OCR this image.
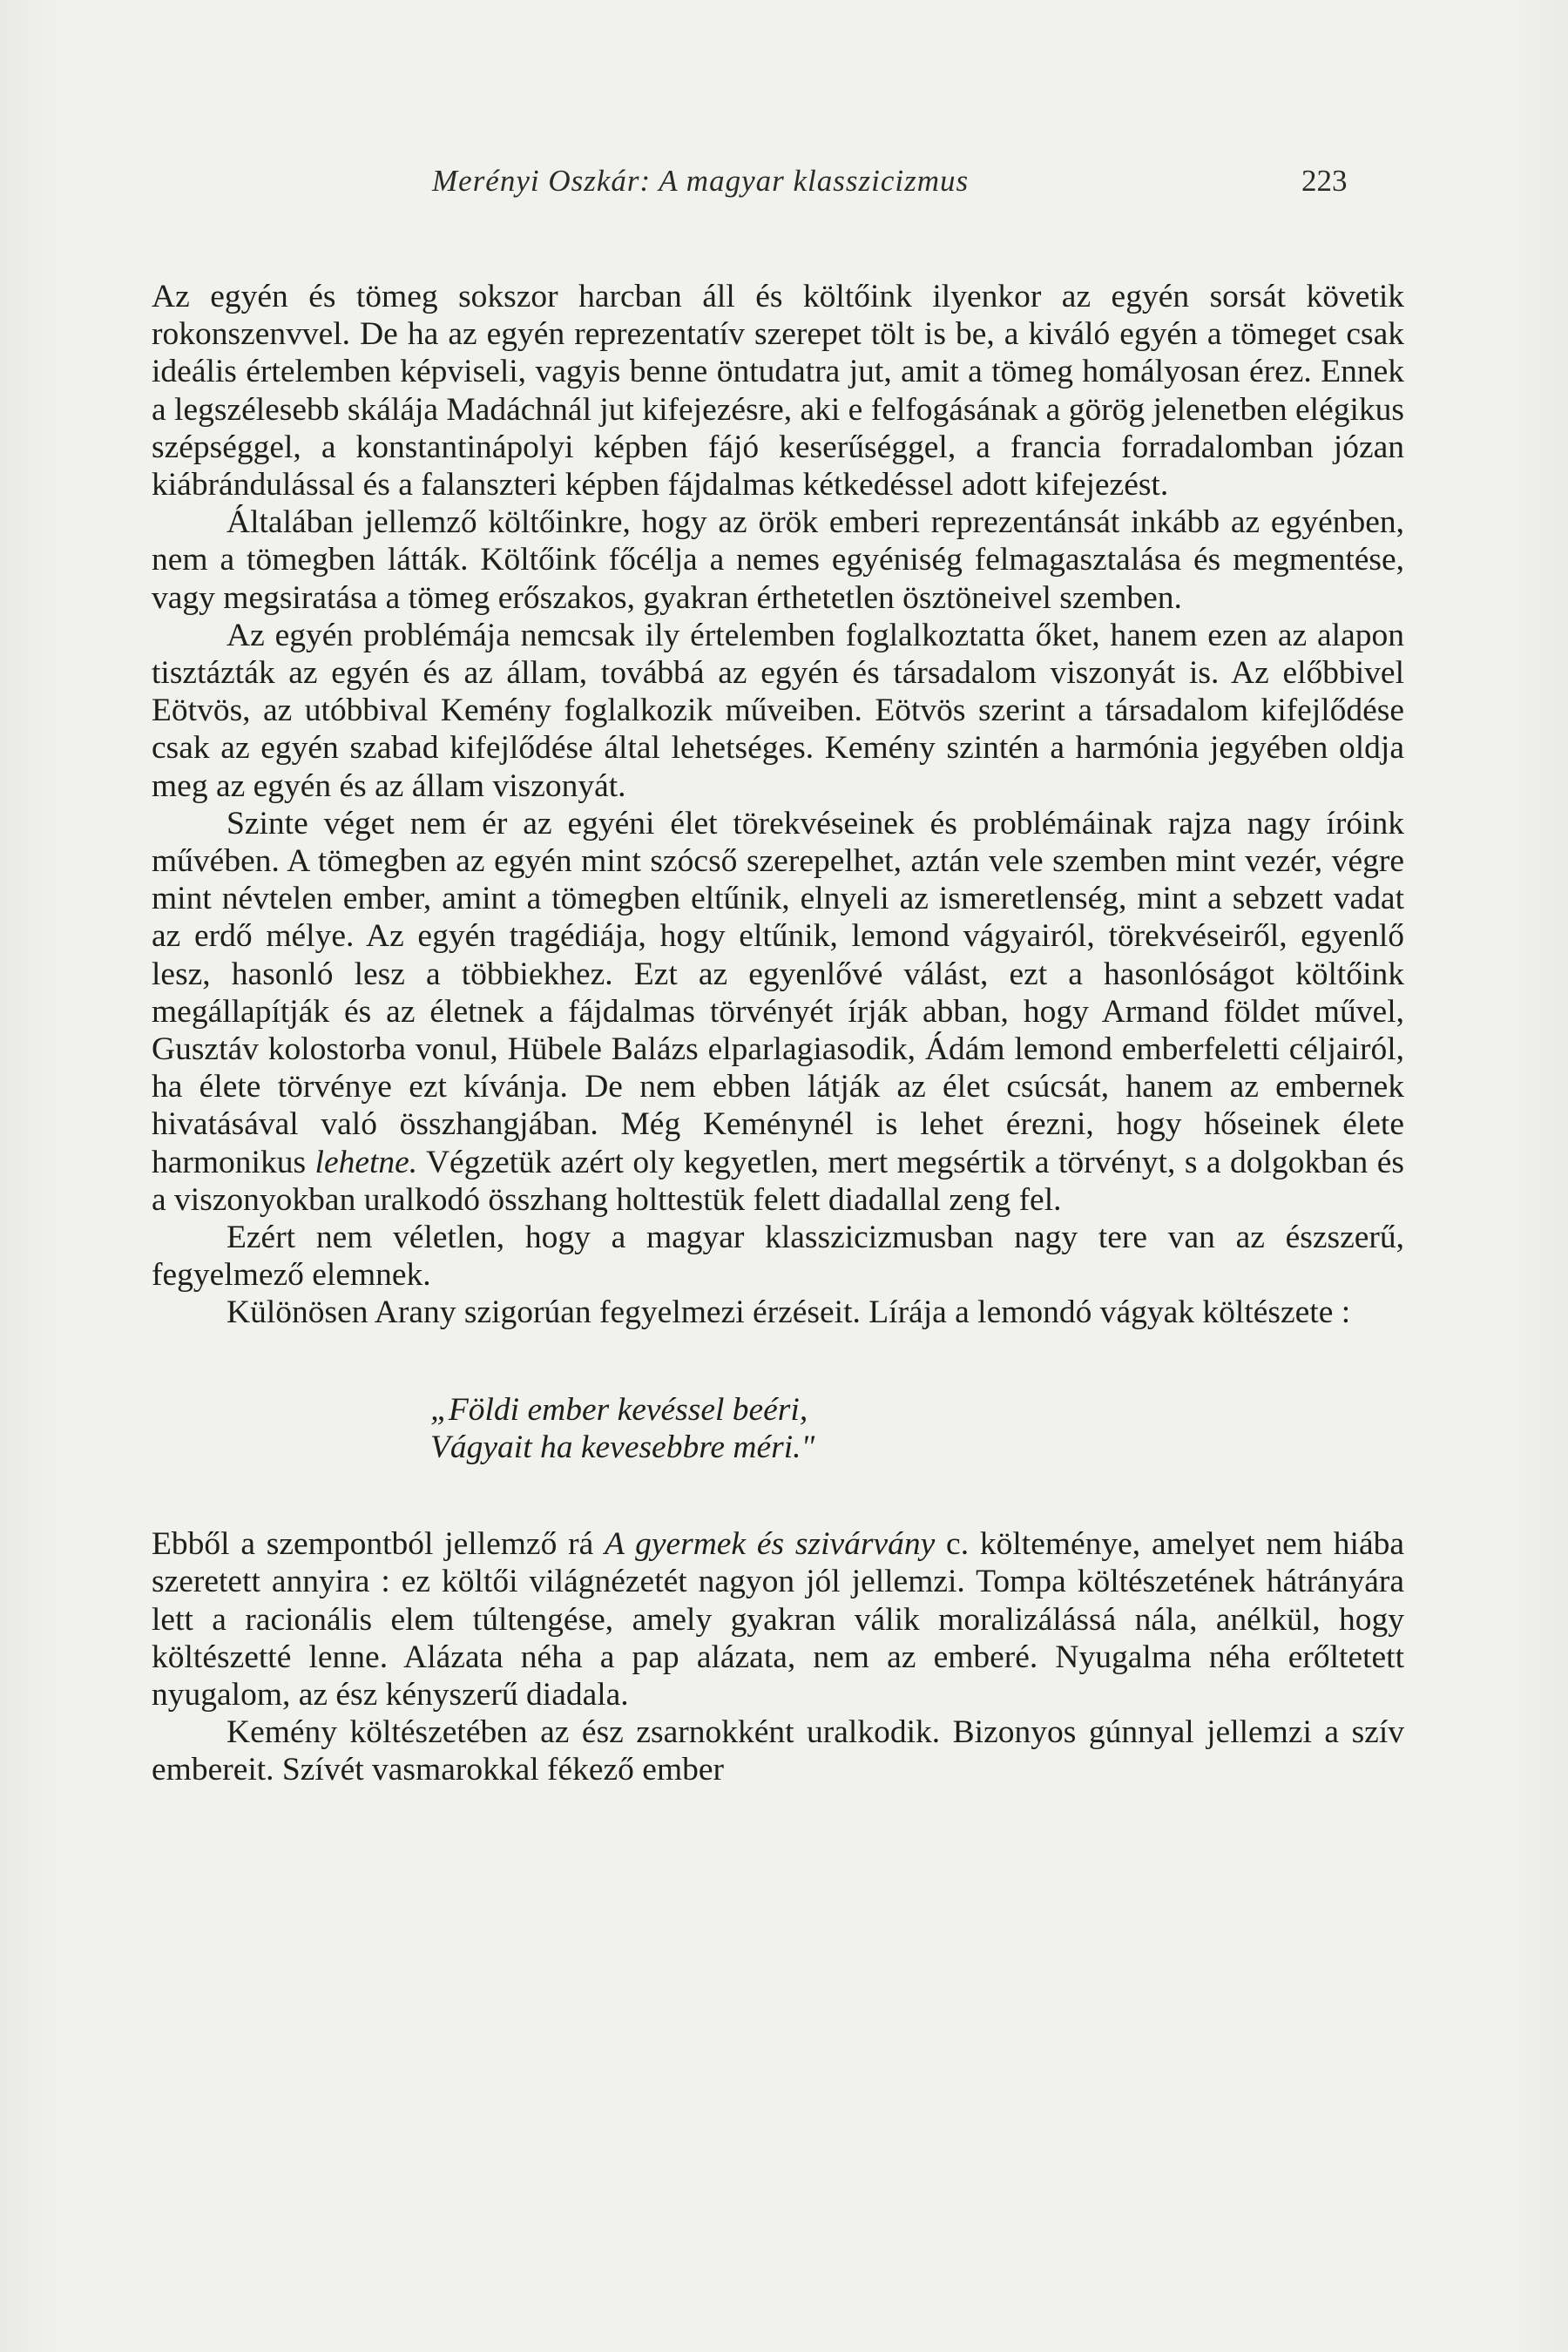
Merényi Oszkár: A magyar klasszicizmus	223

Az egyén és tömeg sokszor harcban áll és költőink ilyenkor az egyén sorsát követik rokonszenvvel. De ha az egyén reprezentatív szerepet tölt is be, a kiváló egyén a tömeget csak ideális értelemben képviseli, vagyis benne öntudatra jut, amit a tömeg homályosan érez. Ennek a legszélesebb skálája Madáchnál jut kifejezésre, aki e felfogásának a görög jelenetben elégikus szépséggel, a konstantinápolyi képben fájó keserűséggel, a francia forradalomban józan kiábrándulással és a falanszteri képben fájdalmas kétkedéssel adott kifejezést.

Általában jellemző költőinkre, hogy az örök emberi reprezentánsát inkább az egyénben, nem a tömegben látták. Költőink főcélja a nemes egyéniség felmagasztalása és megmentése, vagy megsiratása a tömeg erőszakos, gyakran érthetetlen ösztöneivel szemben.

Az egyén problémája nemcsak ily értelemben foglalkoztatta őket, hanem ezen az alapon tisztázták az egyén és az állam, továbbá az egyén és társadalom viszonyát is. Az előbbivel Eötvös, az utóbbival Kemény foglalkozik műveiben. Eötvös szerint a társadalom kifejlődése csak az egyén szabad kifejlődése által lehetséges. Kemény szintén a harmónia jegyében oldja meg az egyén és az állam viszonyát.

Szinte véget nem ér az egyéni élet törekvéseinek és problémáinak rajza nagy íróink művében. A tömegben az egyén mint szócső szerepelhet, aztán vele szemben mint vezér, végre mint névtelen ember, amint a tömegben eltűnik, elnyeli az ismeretlenség, mint a sebzett vadat az erdő mélye. Az egyén tragédiája, hogy eltűnik, lemond vágyairól, törekvéseiről, egyenlő lesz, hasonló lesz a többiekhez. Ezt az egyenlővé válást, ezt a hasonlóságot költőink megállapítják és az életnek a fájdalmas törvényét írják abban, hogy Armand földet művel, Gusztáv kolostorba vonul, Hübele Balázs elparlagiasodik, Ádám lemond emberfeletti céljairól, ha élete törvénye ezt kívánja. De nem ebben látják az élet csúcsát, hanem az embernek hivatásával való összhangjában. Még Keménynél is lehet érezni, hogy hőseinek élete harmonikus lehetne. Végzetük azért oly kegyetlen, mert megsértik a törvényt, s a dolgokban és a viszonyokban uralkodó összhang holttestük felett diadallal zeng fel.

Ezért nem véletlen, hogy a magyar klasszicizmusban nagy tere van az észszerű, fegyelmező elemnek.

Különösen Arany szigorúan fegyelmezi érzéseit. Lírája a lemondó vágyak költészete :

„Földi ember kevéssel beéri,
Vágyait ha kevesebbre méri."

Ebből a szempontból jellemző rá A gyermek és szivárvány c. költeménye, amelyet nem hiába szeretett annyira : ez költői világnézetét nagyon jól jellemzi. Tompa költészetének hátrányára lett a racionális elem túltengése, amely gyakran válik moralizálássá nála, anélkül, hogy költészetté lenne. Alázata néha a pap alázata, nem az emberé. Nyugalma néha erőltetett nyugalom, az ész kényszerű diadala.

Kemény költészetében az ész zsarnokként uralkodik. Bizonyos gúnnyal jellemzi a szív embereit. Szívét vasmarokkal fékező ember
